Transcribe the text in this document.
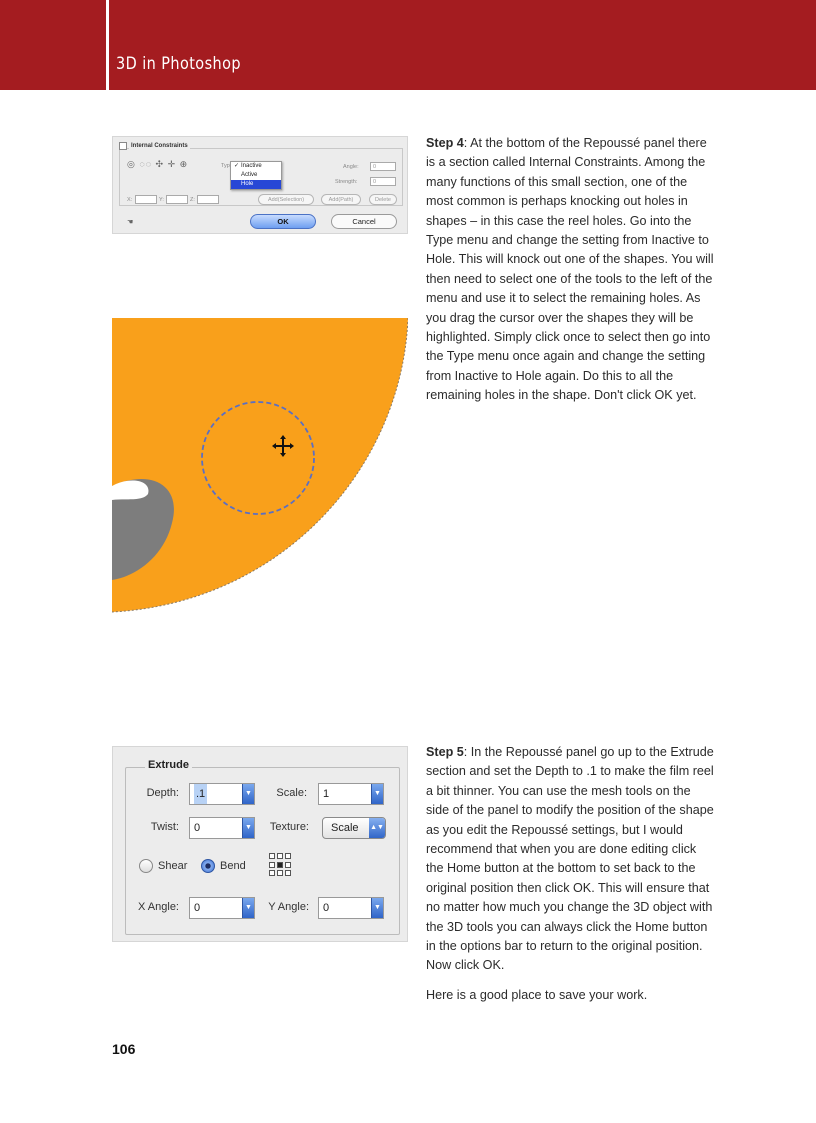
3D in Photoshop
Internal Constraints
◎ ◌◌ ✣ ✛ ⊕	Typ ✓ Inactive
Active
Hole
Angle:	0
Strength:	0
X:	Y:	Z:	Add(Selection)	Add(Path)	Delete
☚	OK	Cancel

Step 4: At the bottom of the Repoussé panel there is a section called Internal Constraints. Among the many functions of this small section, one of the most common is perhaps knocking out holes in shapes – in this case the reel holes. Go into the Type menu and change the setting from Inactive to Hole. This will knock out one of the shapes. You will then need to select one of the tools to the left of the menu and use it to select the remaining holes. As you drag the cursor over the shapes they will be highlighted. Simply click once to select then go into the Type menu once again and change the setting from Inactive to Hole again. Do this to all the remaining holes in the shape. Don't click OK yet.

Extrude
Depth:	.1	▼	Scale:	1	▼
Twist:	0	▼	Texture:	Scale ▲▼
Shear	Bend
X Angle:	0	▼	Y Angle:	0	▼

Step 5: In the Repoussé panel go up to the Extrude section and set the Depth to .1 to make the film reel a bit thinner. You can use the mesh tools on the side of the panel to modify the position of the shape as you edit the Repoussé settings, but I would recommend that when you are done editing click the Home button at the bottom to set back to the original position then click OK. This will ensure that no matter how much you change the 3D object with the 3D tools you can always click the Home button in the options bar to return to the original position. Now click OK.

Here is a good place to save your work.

106
